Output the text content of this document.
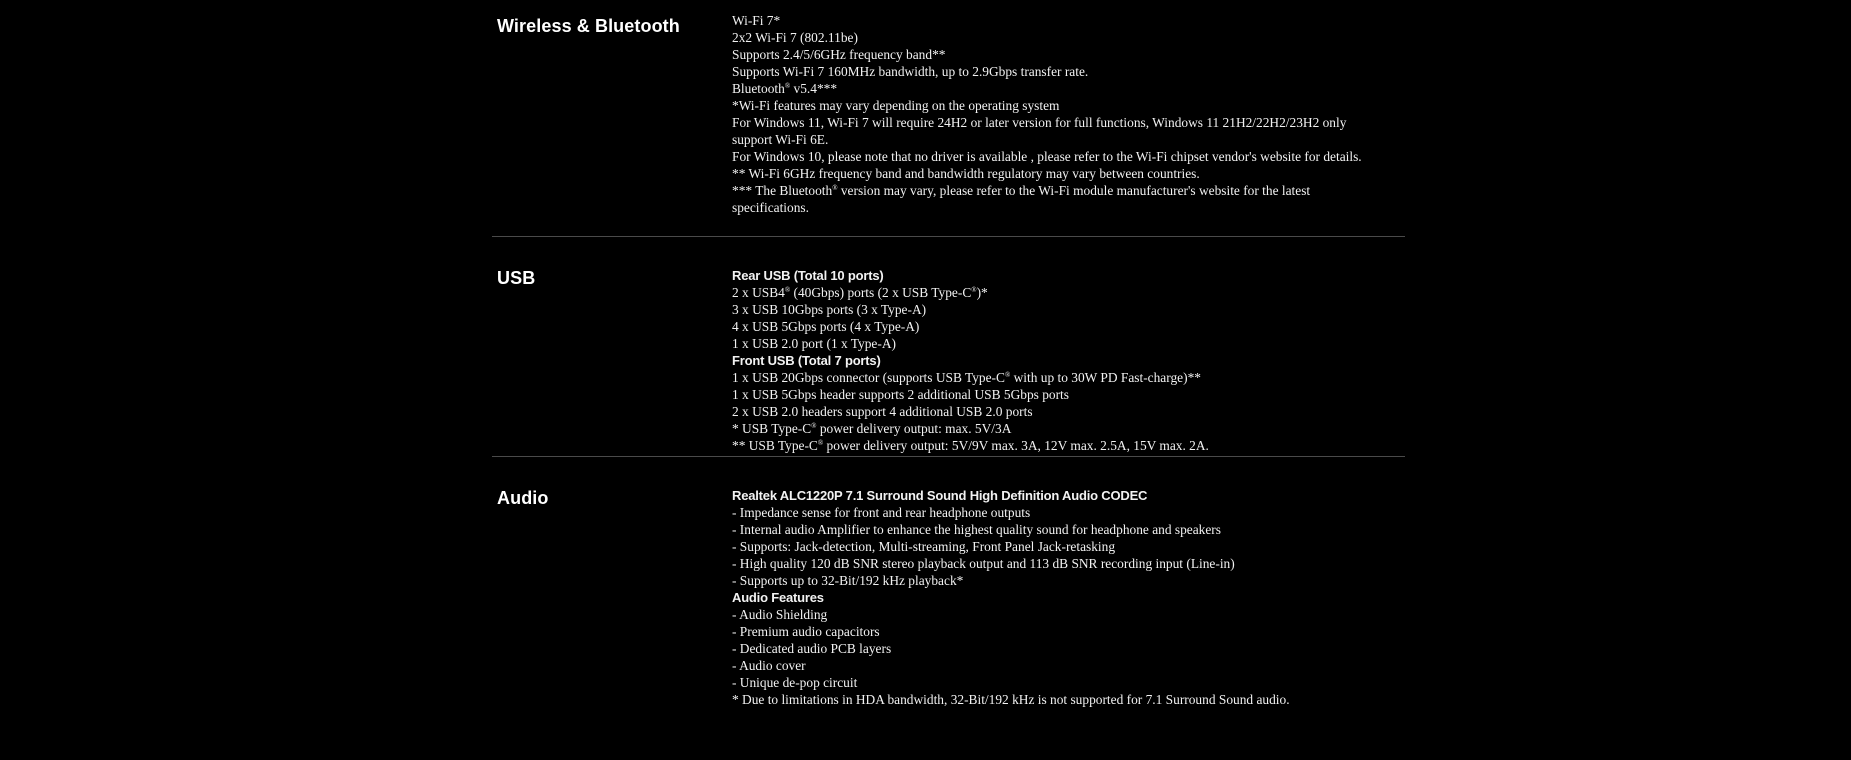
Wireless & Bluetooth	Wi-Fi 7*
2x2 Wi-Fi 7 (802.11be)
Supports 2.4/5/6GHz frequency band**
Supports Wi-Fi 7 160MHz bandwidth, up to 2.9Gbps transfer rate.
Bluetooth® v5.4***
*Wi-Fi features may vary depending on the operating system
For Windows 11, Wi-Fi 7 will require 24H2 or later version for full functions, Windows 11 21H2/22H2/23H2 only
support Wi-Fi 6E.
For Windows 10, please note that no driver is available , please refer to the Wi-Fi chipset vendor's website for details.
** Wi-Fi 6GHz frequency band and bandwidth regulatory may vary between countries.
*** The Bluetooth® version may vary, please refer to the Wi-Fi module manufacturer's website for the latest
specifications.
USB	Rear USB (Total 10 ports)
2 x USB4® (40Gbps) ports (2 x USB Type-C®)*
3 x USB 10Gbps ports (3 x Type-A)
4 x USB 5Gbps ports (4 x Type-A)
1 x USB 2.0 port (1 x Type-A)
Front USB (Total 7 ports)
1 x USB 20Gbps connector (supports USB Type-C® with up to 30W PD Fast-charge)**
1 x USB 5Gbps header supports 2 additional USB 5Gbps ports
2 x USB 2.0 headers support 4 additional USB 2.0 ports
* USB Type-C® power delivery output: max. 5V/3A
** USB Type-C® power delivery output: 5V/9V max. 3A, 12V max. 2.5A, 15V max. 2A.
Audio	Realtek ALC1220P 7.1 Surround Sound High Definition Audio CODEC
- Impedance sense for front and rear headphone outputs
- Internal audio Amplifier to enhance the highest quality sound for headphone and speakers
- Supports: Jack-detection, Multi-streaming, Front Panel Jack-retasking
- High quality 120 dB SNR stereo playback output and 113 dB SNR recording input (Line-in)
- Supports up to 32-Bit/192 kHz playback*
Audio Features
- Audio Shielding
- Premium audio capacitors
- Dedicated audio PCB layers
- Audio cover
- Unique de-pop circuit
* Due to limitations in HDA bandwidth, 32-Bit/192 kHz is not supported for 7.1 Surround Sound audio.
